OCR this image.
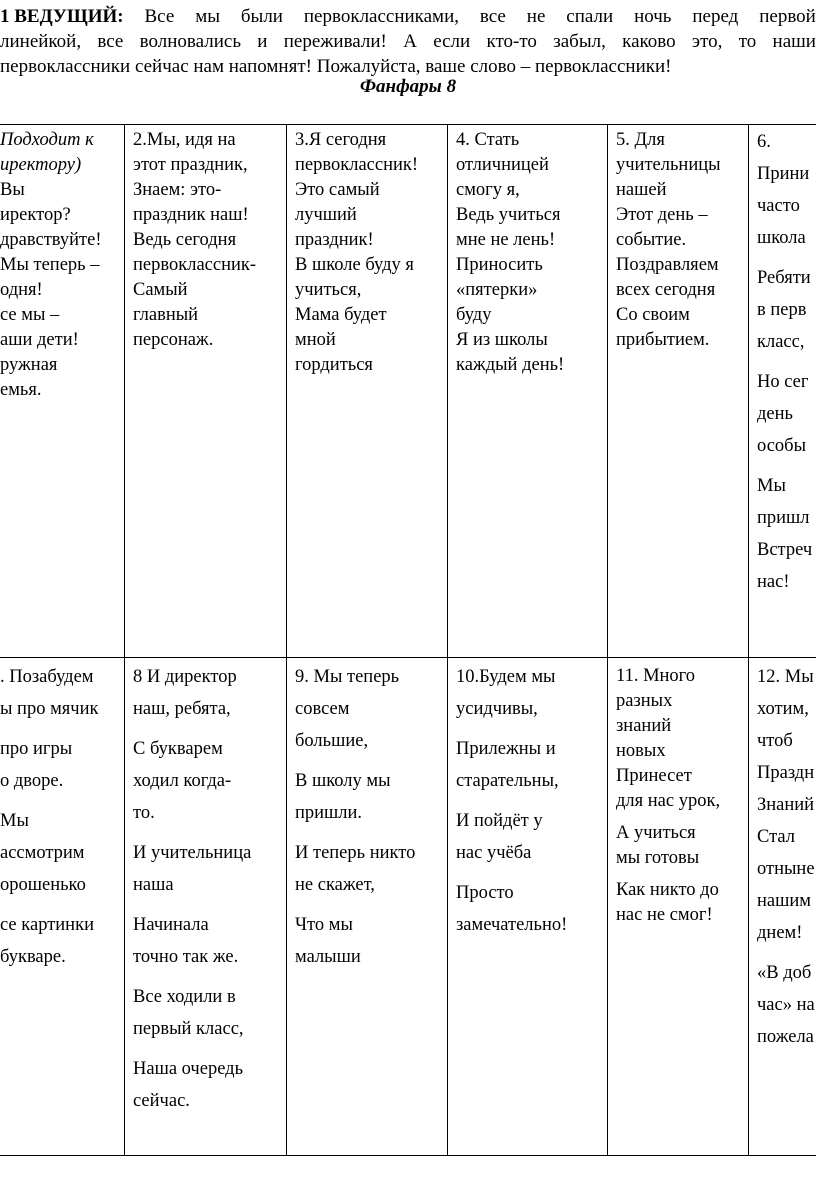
1 ВЕДУЩИЙ: Все мы были первоклассниками, все не спали ночь перед первой
линейкой, все волновались и переживали! А если кто-то забыл, каково это, то наши
первоклассники сейчас нам напомнят! Пожалуйста, ваше слово – первоклассники!
Фанфары 8
Подходит к
иректору)
Вы
иректор?
дравствуйте!
Мы теперь –
одня!
се мы –
аши дети!
ружная
емья.
2.Мы, идя на
этот праздник,
Знаем: это-
праздник наш!
Ведь сегодня
первоклассник-
Самый
главный
персонаж.
3.Я сегодня
первоклассник!
Это самый
лучший
праздник!
В школе буду я
учиться,
Мама будет
мной
гордиться
4. Стать
отличницей
смогу я,
Ведь учиться
мне не лень!
Приносить
«пятерки»
буду
Я из школы
каждый день!
5. Для
учительницы
нашей
Этот день –
событие.
Поздравляем
всех сегодня
Со своим
прибытием.

6.
Прини
часто
школа

Ребяти
в перв
класс,

Но сег
день
особы

Мы
пришл
Встреч
нас!

. Позабудем
ы про мячик

про игры
о дворе.

Мы
ассмотрим
орошенько

се картинки
букваре.

8 И директор
наш, ребята,

С букварем
ходил когда-
то.

И учительница
наша

Начинала
точно так же.

Все ходили в
первый класс,

Наша очередь
сейчас.

9. Мы теперь
совсем
большие,

В школу мы
пришли.

И теперь никто
не скажет,

Что мы
малыши

10.Будем мы
усидчивы,

Прилежны и
старательны,

И пойдёт у
нас учёба

Просто
замечательно!

11. Много
разных
знаний
новых
Принесет
для нас урок,

А учиться
мы готовы

Как никто до
нас не смог!

12. Мы
хотим,
чтоб
Праздн
Знаний
Стал
отныне
нашим
днем!

«В доб
час» на
пожела
